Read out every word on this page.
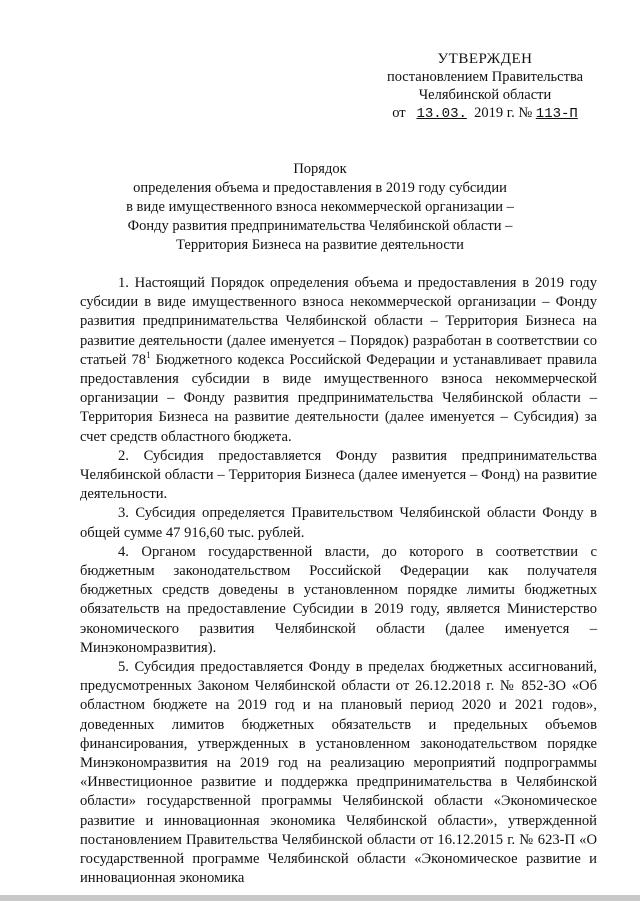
УТВЕРЖДЕН
постановлением Правительства
Челябинской области
от 13.03. 2019 г. № 113-П
Порядок
определения объема и предоставления в 2019 году субсидии
в виде имущественного взноса некоммерческой организации –
Фонду развития предпринимательства Челябинской области –
Территория Бизнеса на развитие деятельности

1. Настоящий Порядок определения объема и предоставления в 2019 году субсидии в виде имущественного взноса некоммерческой организации – Фонду развития предпринимательства Челябинской области – Территория Бизнеса на развитие деятельности (далее именуется – Порядок) разработан в соответствии со статьей $78^1$ Бюджетного кодекса Российской Федерации и устанавливает правила предоставления субсидии в виде имущественного взноса некоммерческой организации – Фонду развития предпринимательства Челябинской области – Территория Бизнеса на развитие деятельности (далее именуется – Субсидия) за счет средств областного бюджета.

2. Субсидия предоставляется Фонду развития предпринимательства Челябинской области – Территория Бизнеса (далее именуется – Фонд) на развитие деятельности.

3. Субсидия определяется Правительством Челябинской области Фонду в общей сумме 47 916,60 тыс. рублей.

4. Органом государственной власти, до которого в соответствии с бюджетным законодательством Российской Федерации как получателя бюджетных средств доведены в установленном порядке лимиты бюджетных обязательств на предоставление Субсидии в 2019 году, является Министерство экономического развития Челябинской области (далее именуется – Минэкономразвития).

5. Субсидия предоставляется Фонду в пределах бюджетных ассигнований, предусмотренных Законом Челябинской области от 26.12.2018 г. № 852-ЗО «Об областном бюджете на 2019 год и на плановый период 2020 и 2021 годов», доведенных лимитов бюджетных обязательств и предельных объемов финансирования, утвержденных в установленном законодательством порядке Минэкономразвития на 2019 год на реализацию мероприятий подпрограммы «Инвестиционное развитие и поддержка предпринимательства в Челябинской области» государственной программы Челябинской области «Экономическое развитие и инновационная экономика Челябинской области», утвержденной постановлением Правительства Челябинской области от 16.12.2015 г. № 623-П «О государственной программе Челябинской области «Экономическое развитие и инновационная экономика
